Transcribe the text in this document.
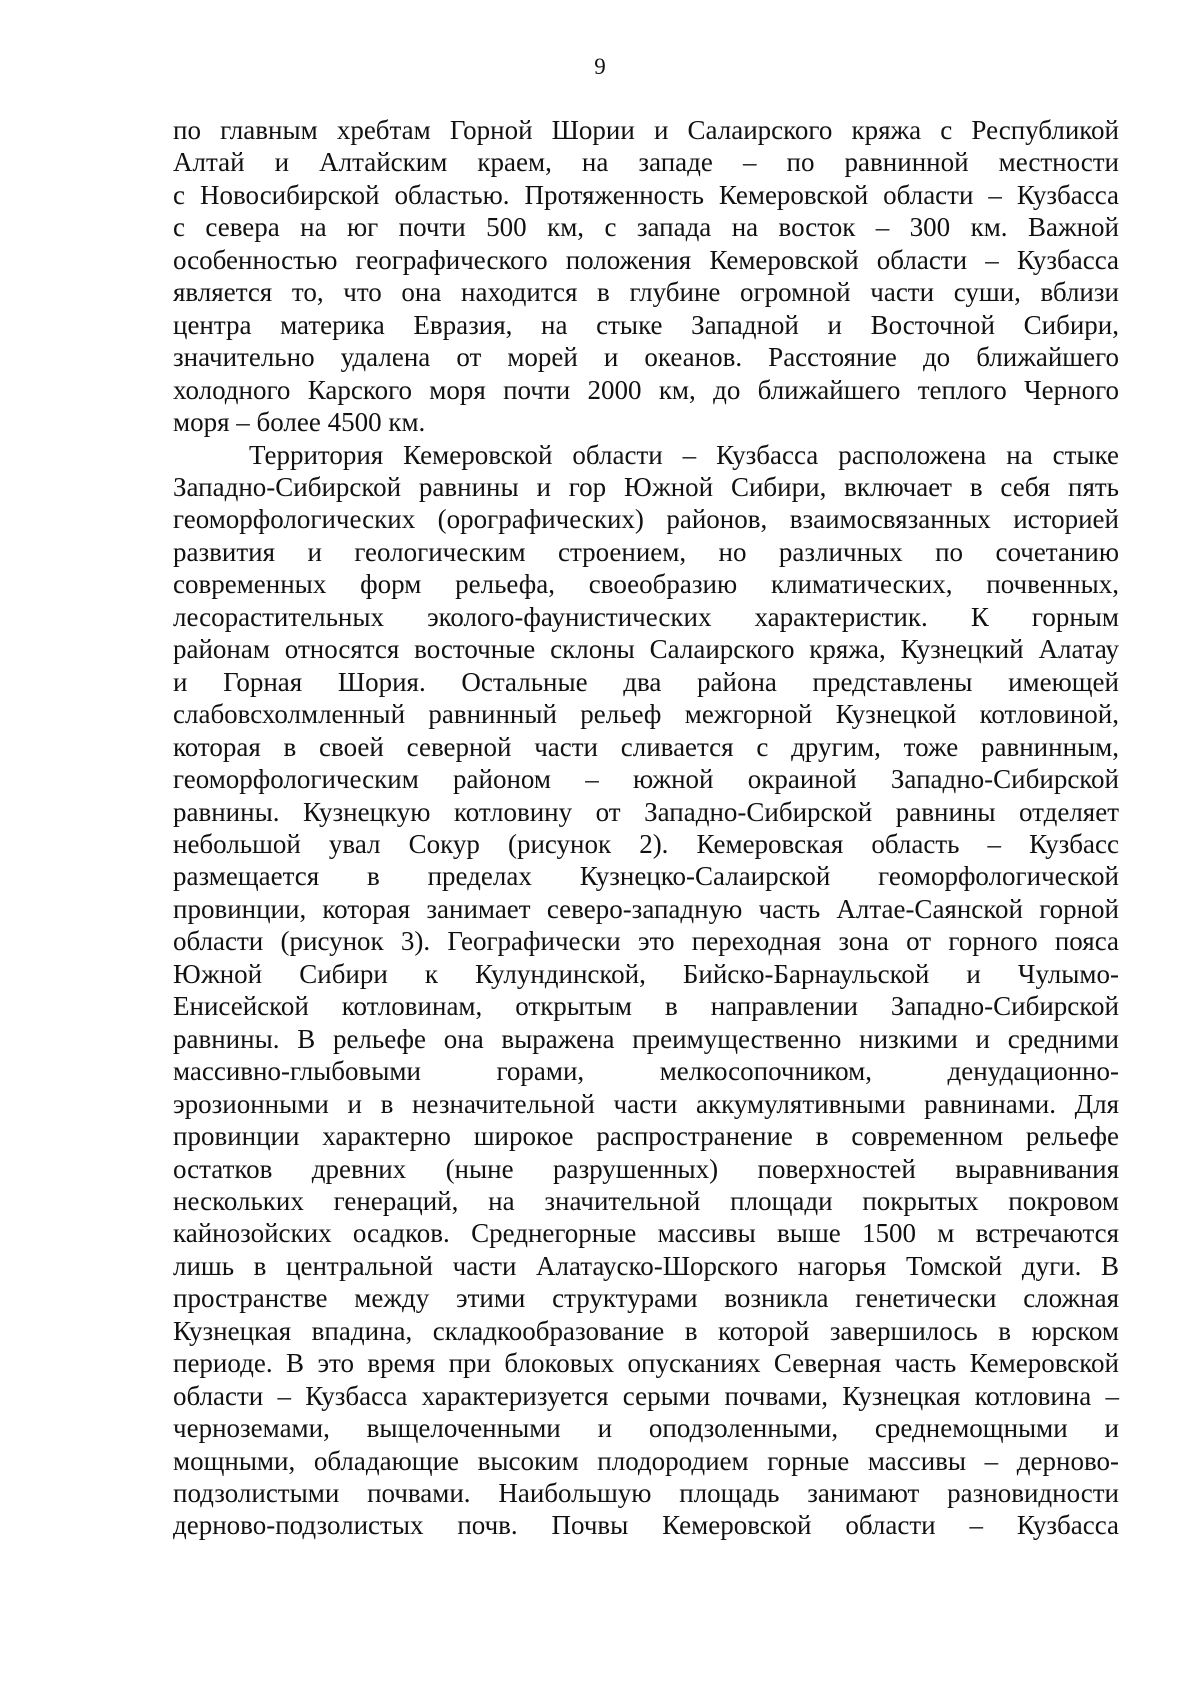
9

по главным хребтам Горной Шории и Салаирского кряжа с Республикой

Алтай и Алтайским краем, на западе – по равнинной местности

с Новосибирской областью. Протяженность Кемеровской области – Кузбасса

с севера на юг почти 500 км, с запада на восток – 300 км. Важной

особенностью географического положения Кемеровской области – Кузбасса

является то, что она находится в глубине огромной части суши, вблизи

центра материка Евразия, на стыке Западной и Восточной Сибири,

значительно удалена от морей и океанов. Расстояние до ближайшего

холодного Карского моря почти 2000 км, до ближайшего теплого Черного

моря – более 4500 км.

Территория Кемеровской области – Кузбасса расположена на стыке

Западно-Сибирской равнины и гор Южной Сибири, включает в себя пять

геоморфологических (орографических) районов, взаимосвязанных историей

развития и геологическим строением, но различных по сочетанию

современных форм рельефа, своеобразию климатических, почвенных,

лесорастительных эколого-фаунистических характеристик. К горным

районам относятся восточные склоны Салаирского кряжа, Кузнецкий Алатау

и Горная Шория. Остальные два района представлены имеющей

слабовсхолмленный равнинный рельеф межгорной Кузнецкой котловиной,

которая в своей северной части сливается с другим, тоже равнинным,

геоморфологическим районом – южной окраиной Западно-Сибирской

равнины. Кузнецкую котловину от Западно-Сибирской равнины отделяет

небольшой увал Сокур (рисунок 2). Кемеровская область – Кузбасс

размещается в пределах Кузнецко-Салаирской геоморфологической

провинции, которая занимает северо-западную часть Алтае-Саянской горной

области (рисунок 3). Географически это переходная зона от горного пояса

Южной Сибири к Кулундинской, Бийско-Барнаульской и Чулымо-

Енисейской котловинам, открытым в направлении Западно-Сибирской

равнины. В рельефе она выражена преимущественно низкими и средними

массивно-глыбовыми горами, мелкосопочником, денудационно-

эрозионными и в незначительной части аккумулятивными равнинами. Для

провинции характерно широкое распространение в современном рельефе

остатков древних (ныне разрушенных) поверхностей выравнивания

нескольких генераций, на значительной площади покрытых покровом

кайнозойских осадков. Среднегорные массивы выше 1500 м встречаются

лишь в центральной части Алатауско-Шорского нагорья Томской дуги. В

пространстве между этими структурами возникла генетически сложная

Кузнецкая впадина, складкообразование в которой завершилось в юрском

периоде. В это время при блоковых опусканиях Северная часть Кемеровской

области – Кузбасса характеризуется серыми почвами, Кузнецкая котловина –

черноземами, выщелоченными и оподзоленными, среднемощными и

мощными, обладающие высоким плодородием горные массивы – дерново-

подзолистыми почвами. Наибольшую площадь занимают разновидности

дерново-подзолистых почв. Почвы Кемеровской области – Кузбасса
